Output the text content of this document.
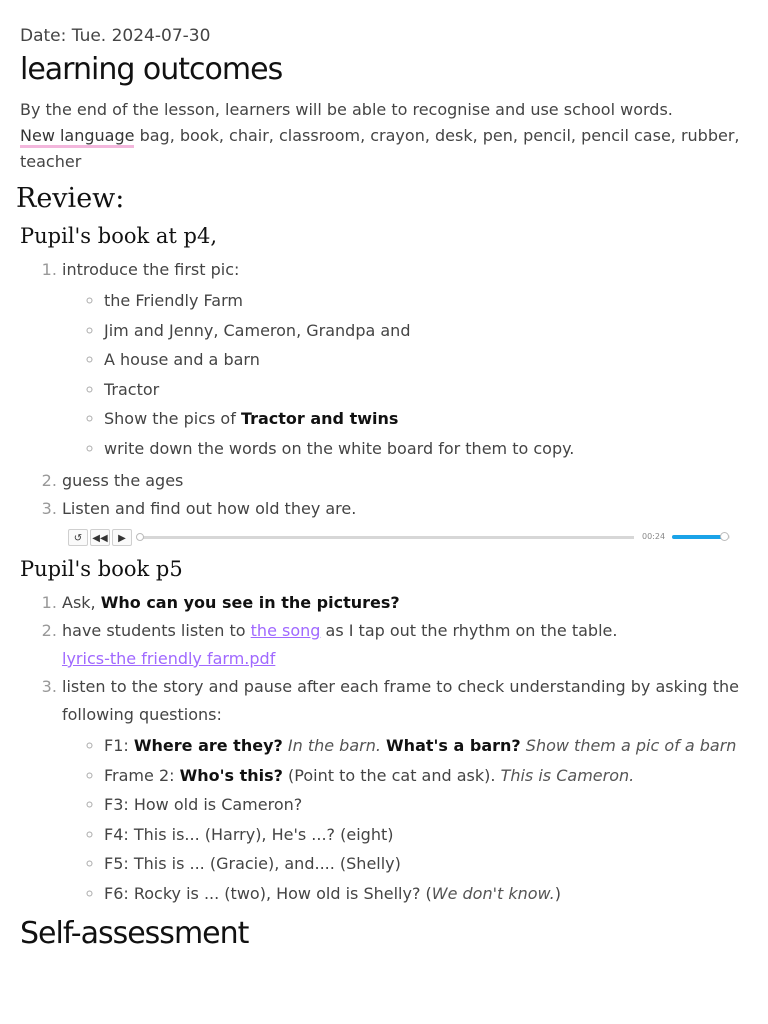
Date: Tue. 2024-07-30

learning outcomes

By the end of the lesson, learners will be able to recognise and use school words.

New language bag, book, chair, classroom, crayon, desk, pen, pencil, pencil case, rubber, teacher

Review:
Pupil's book at p4,
1. introduce the first pic:
◦ the Friendly Farm
◦ Jim and Jenny, Cameron, Grandpa and
◦ A house and a barn
◦ Tractor
◦ Show the pics of Tractor and twins
◦ write down the words on the white board for them to copy.
2. guess the ages
3. Listen and find out how old they are.
↺	◀◀	▶	00:24
Pupil's book p5
1. Ask, Who can you see in the pictures?
2. have students listen to the song as I tap out the rhythm on the table.
lyrics-the friendly farm.pdf
3. listen to the story and pause after each frame to check understanding by asking the following questions:
◦ F1: Where are they? In the barn. What's a barn? Show them a pic of a barn
◦ Frame 2: Who's this? (Point to the cat and ask). This is Cameron.
◦ F3: How old is Cameron?
◦ F4: This is... (Harry), He's ...? (eight)
◦ F5: This is ... (Gracie), and.... (Shelly)
◦ F6: Rocky is ... (two), How old is Shelly? (We don't know.)
Self-assessment
